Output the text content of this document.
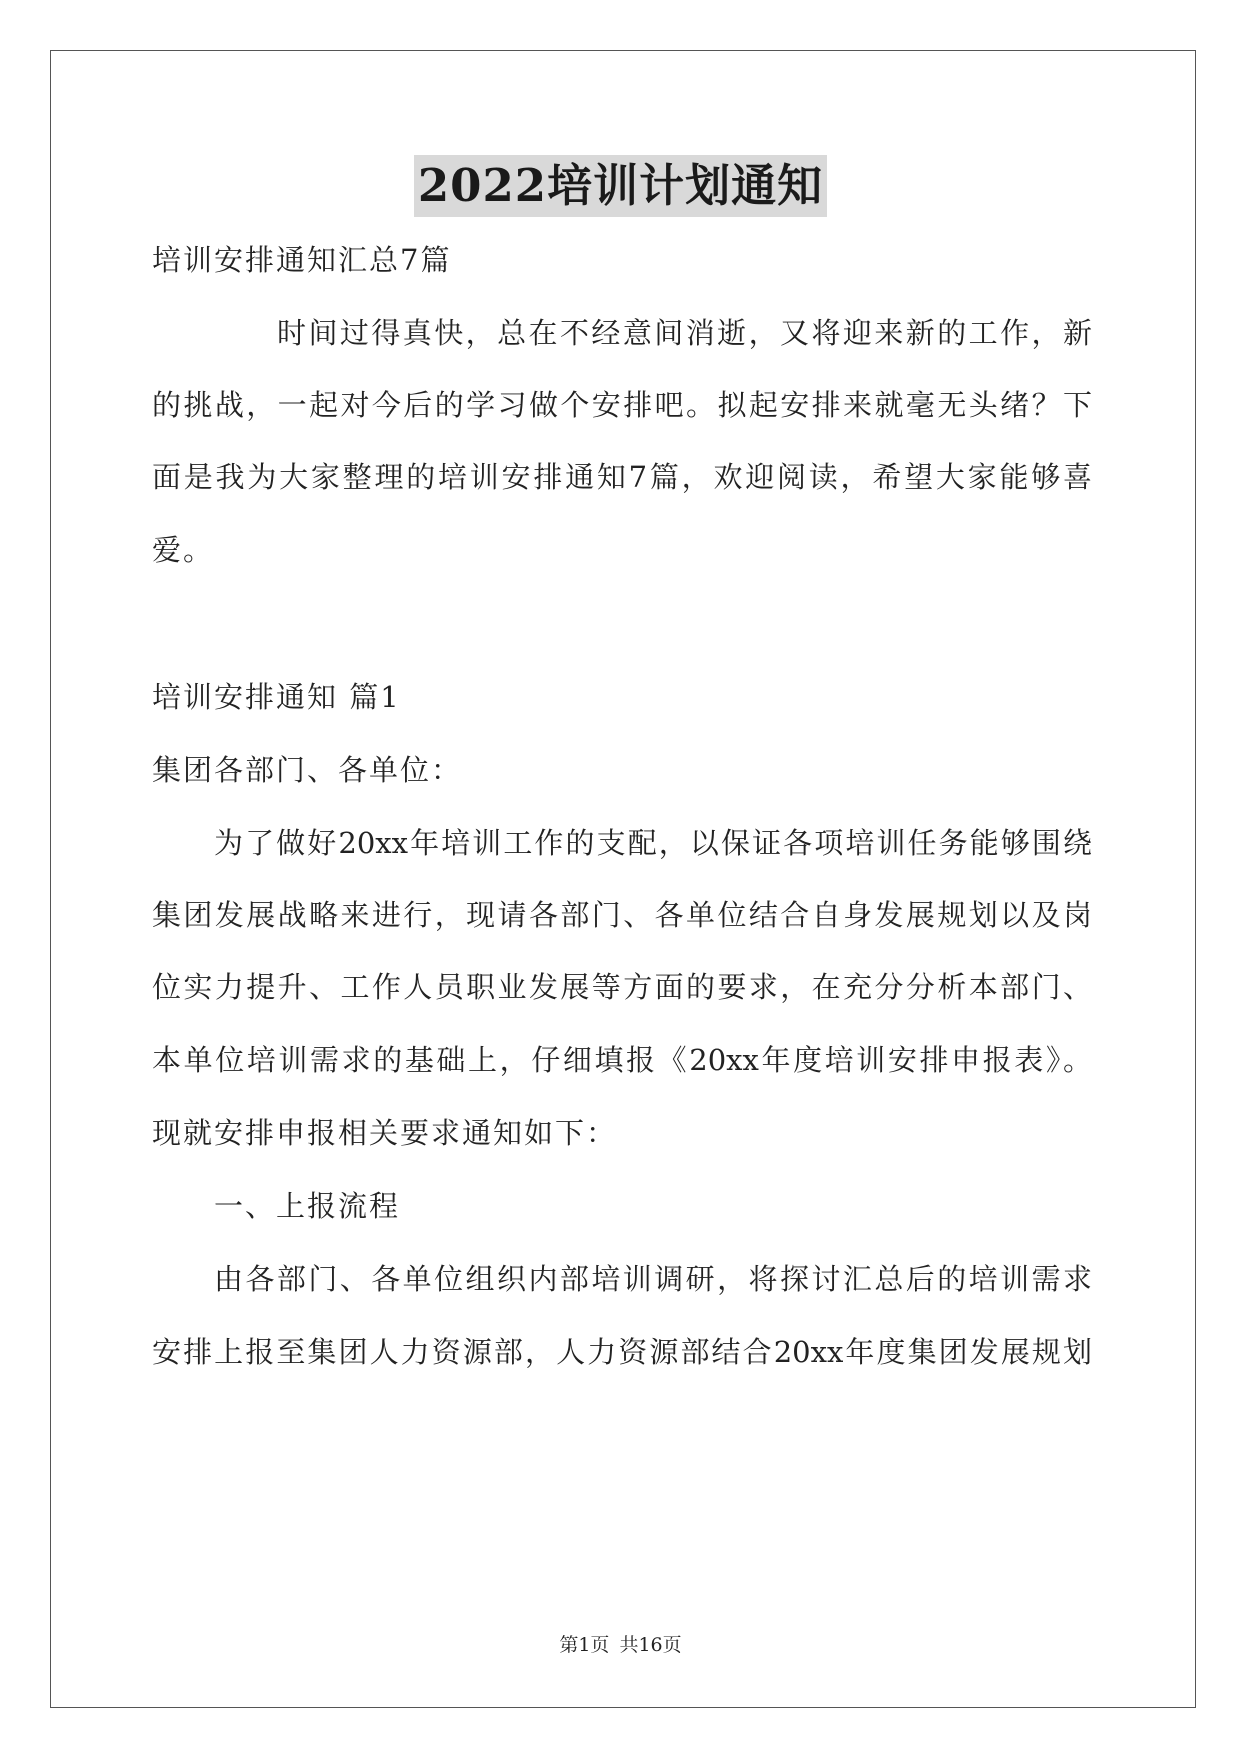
2022培训计划通知
培训安排通知汇总7篇
时间过得真快，总在不经意间消逝，又将迎来新的工作，新
的挑战，一起对今后的学习做个安排吧。拟起安排来就毫无头绪？下
面是我为大家整理的培训安排通知7篇，欢迎阅读，希望大家能够喜
爱。
培训安排通知 篇1
集团各部门、各单位：
为了做好20xx年培训工作的支配，以保证各项培训任务能够围绕
集团发展战略来进行，现请各部门、各单位结合自身发展规划以及岗
位实力提升、工作人员职业发展等方面的要求，在充分分析本部门、
本单位培训需求的基础上，仔细填报《20xx年度培训安排申报表》。
现就安排申报相关要求通知如下：
一、上报流程
由各部门、各单位组织内部培训调研，将探讨汇总后的培训需求
安排上报至集团人力资源部，人力资源部结合20xx年度集团发展规划
第1页 共16页
